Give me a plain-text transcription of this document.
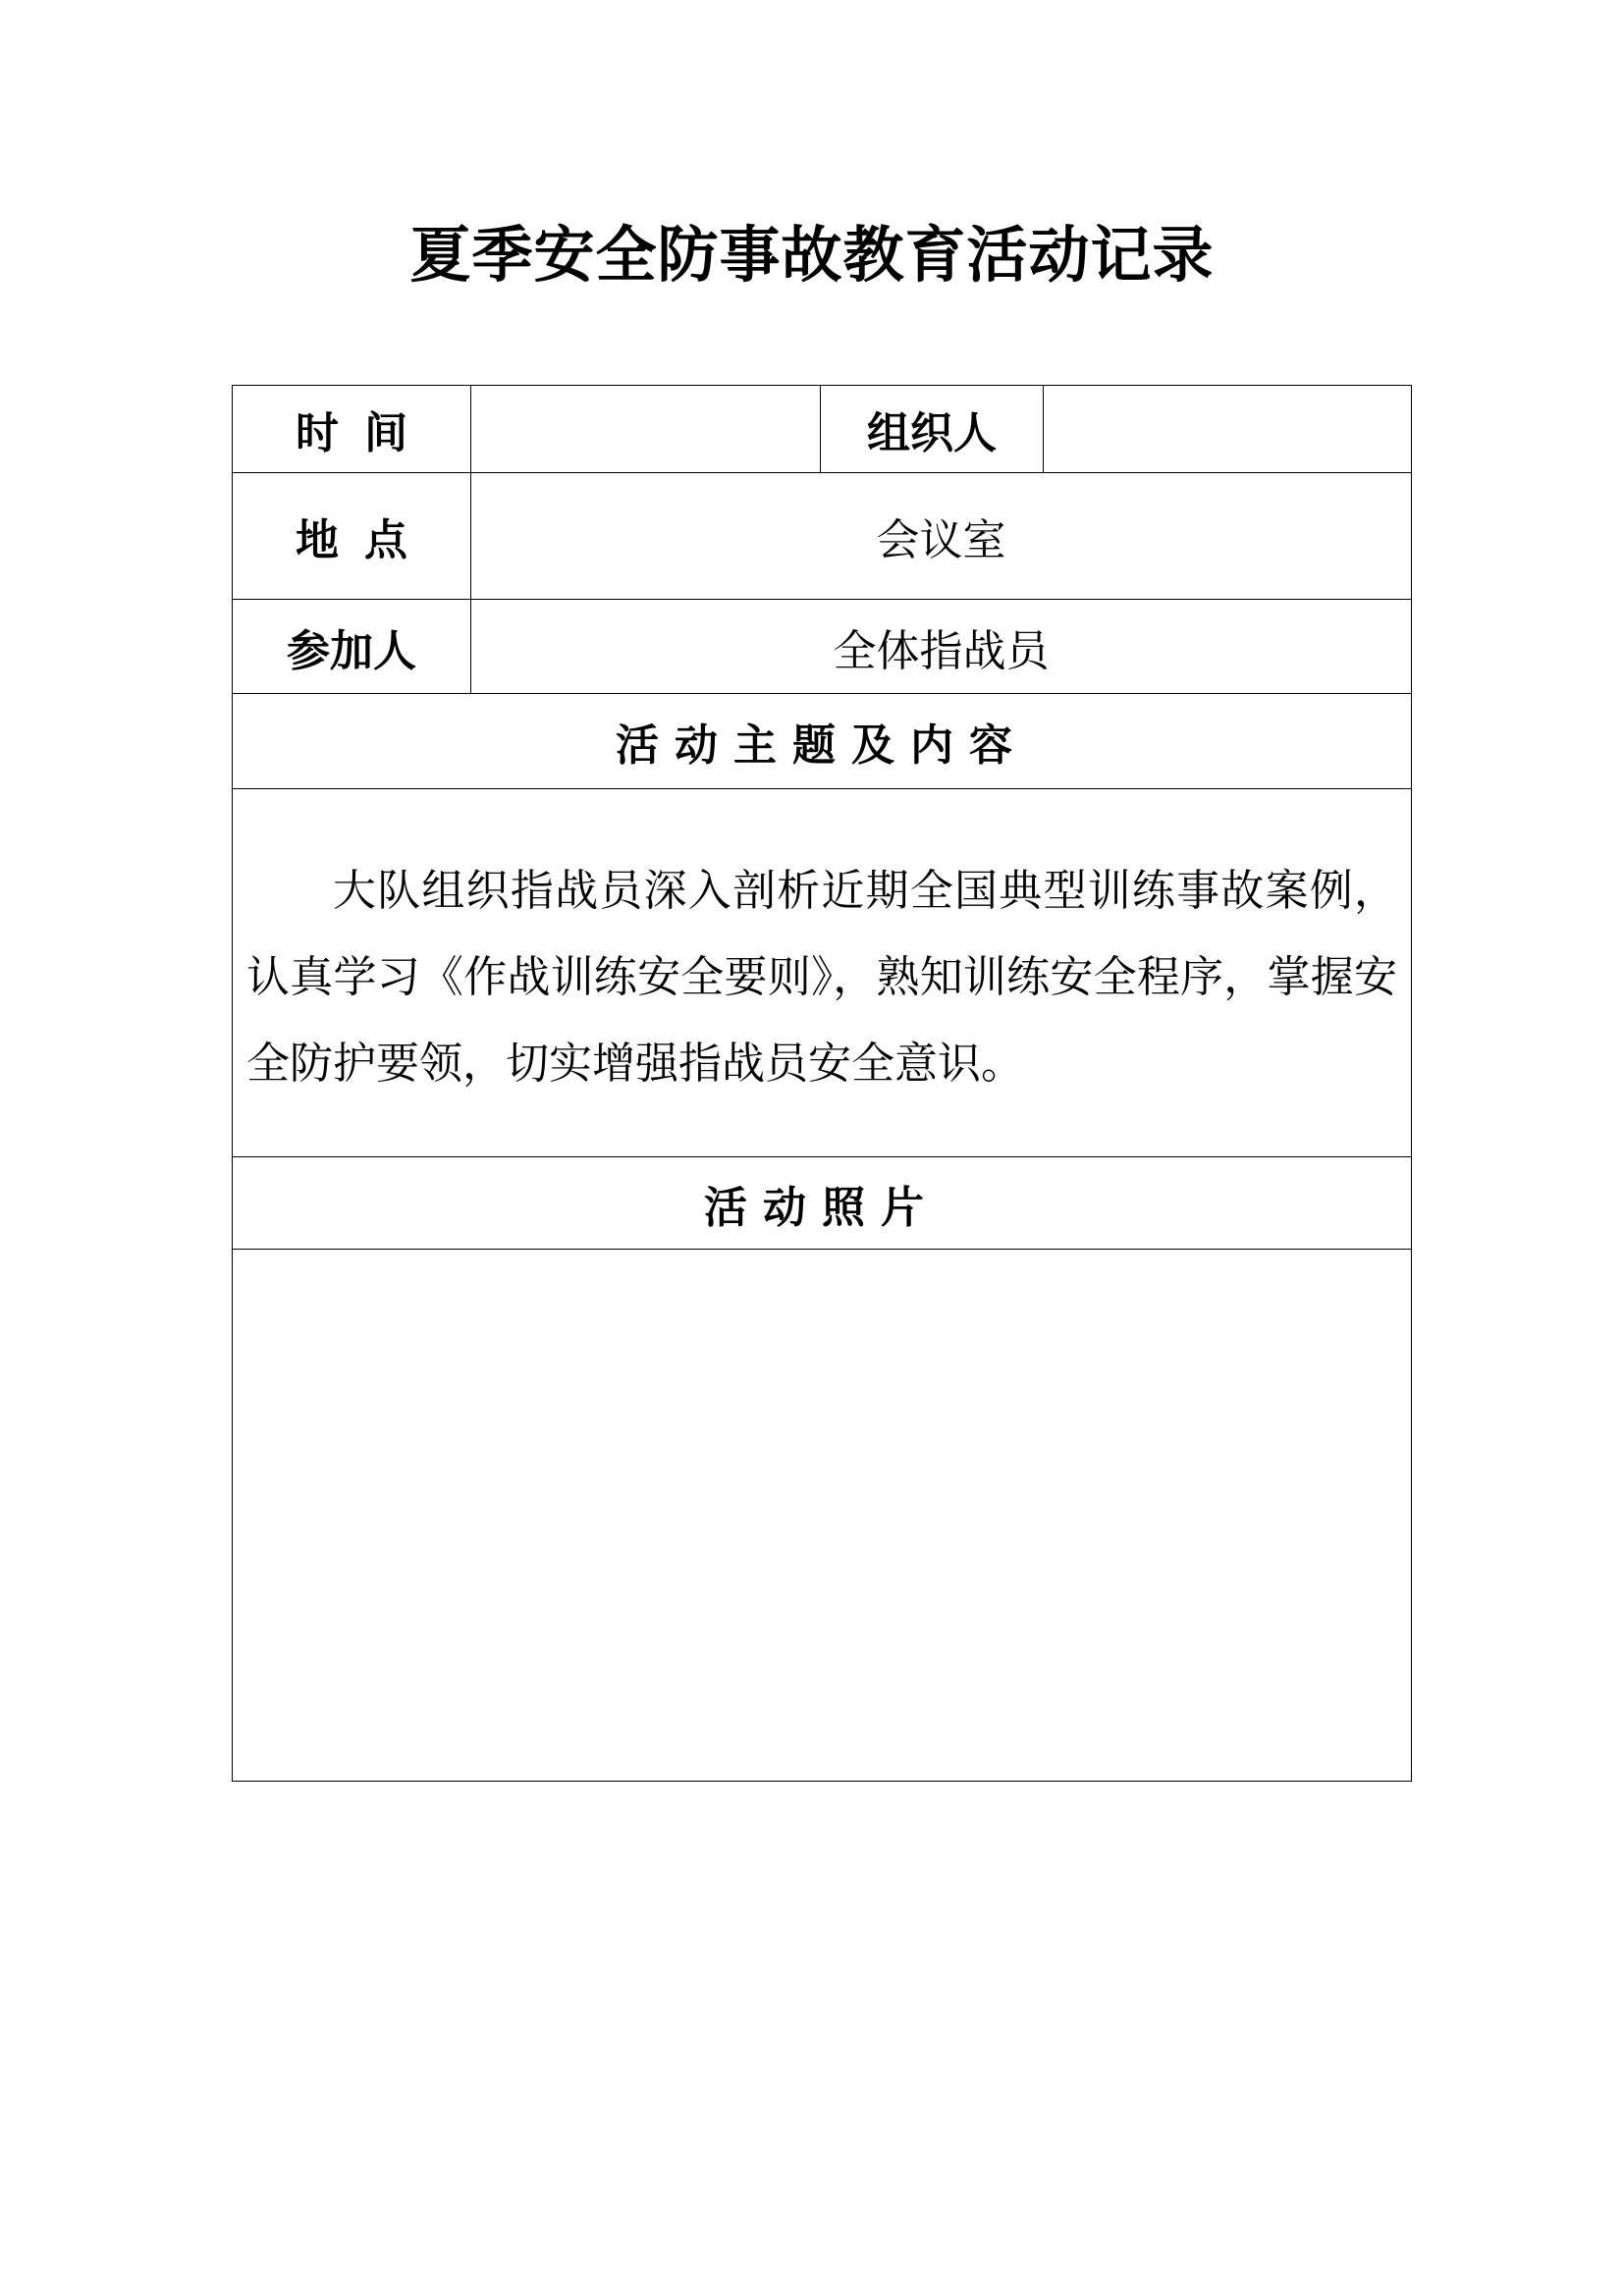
夏季安全防事故教育活动记录
时间		组织人	
地点	会议室		
参加人	全体指战员		
活动主题及内容			

大队组织指战员深入剖析近期全国典型训练事故案例，认真学习《作战训练安全要则》，熟知训练安全程序，掌握安全防护要领，切实增强指战员安全意识。			

活动照片			
